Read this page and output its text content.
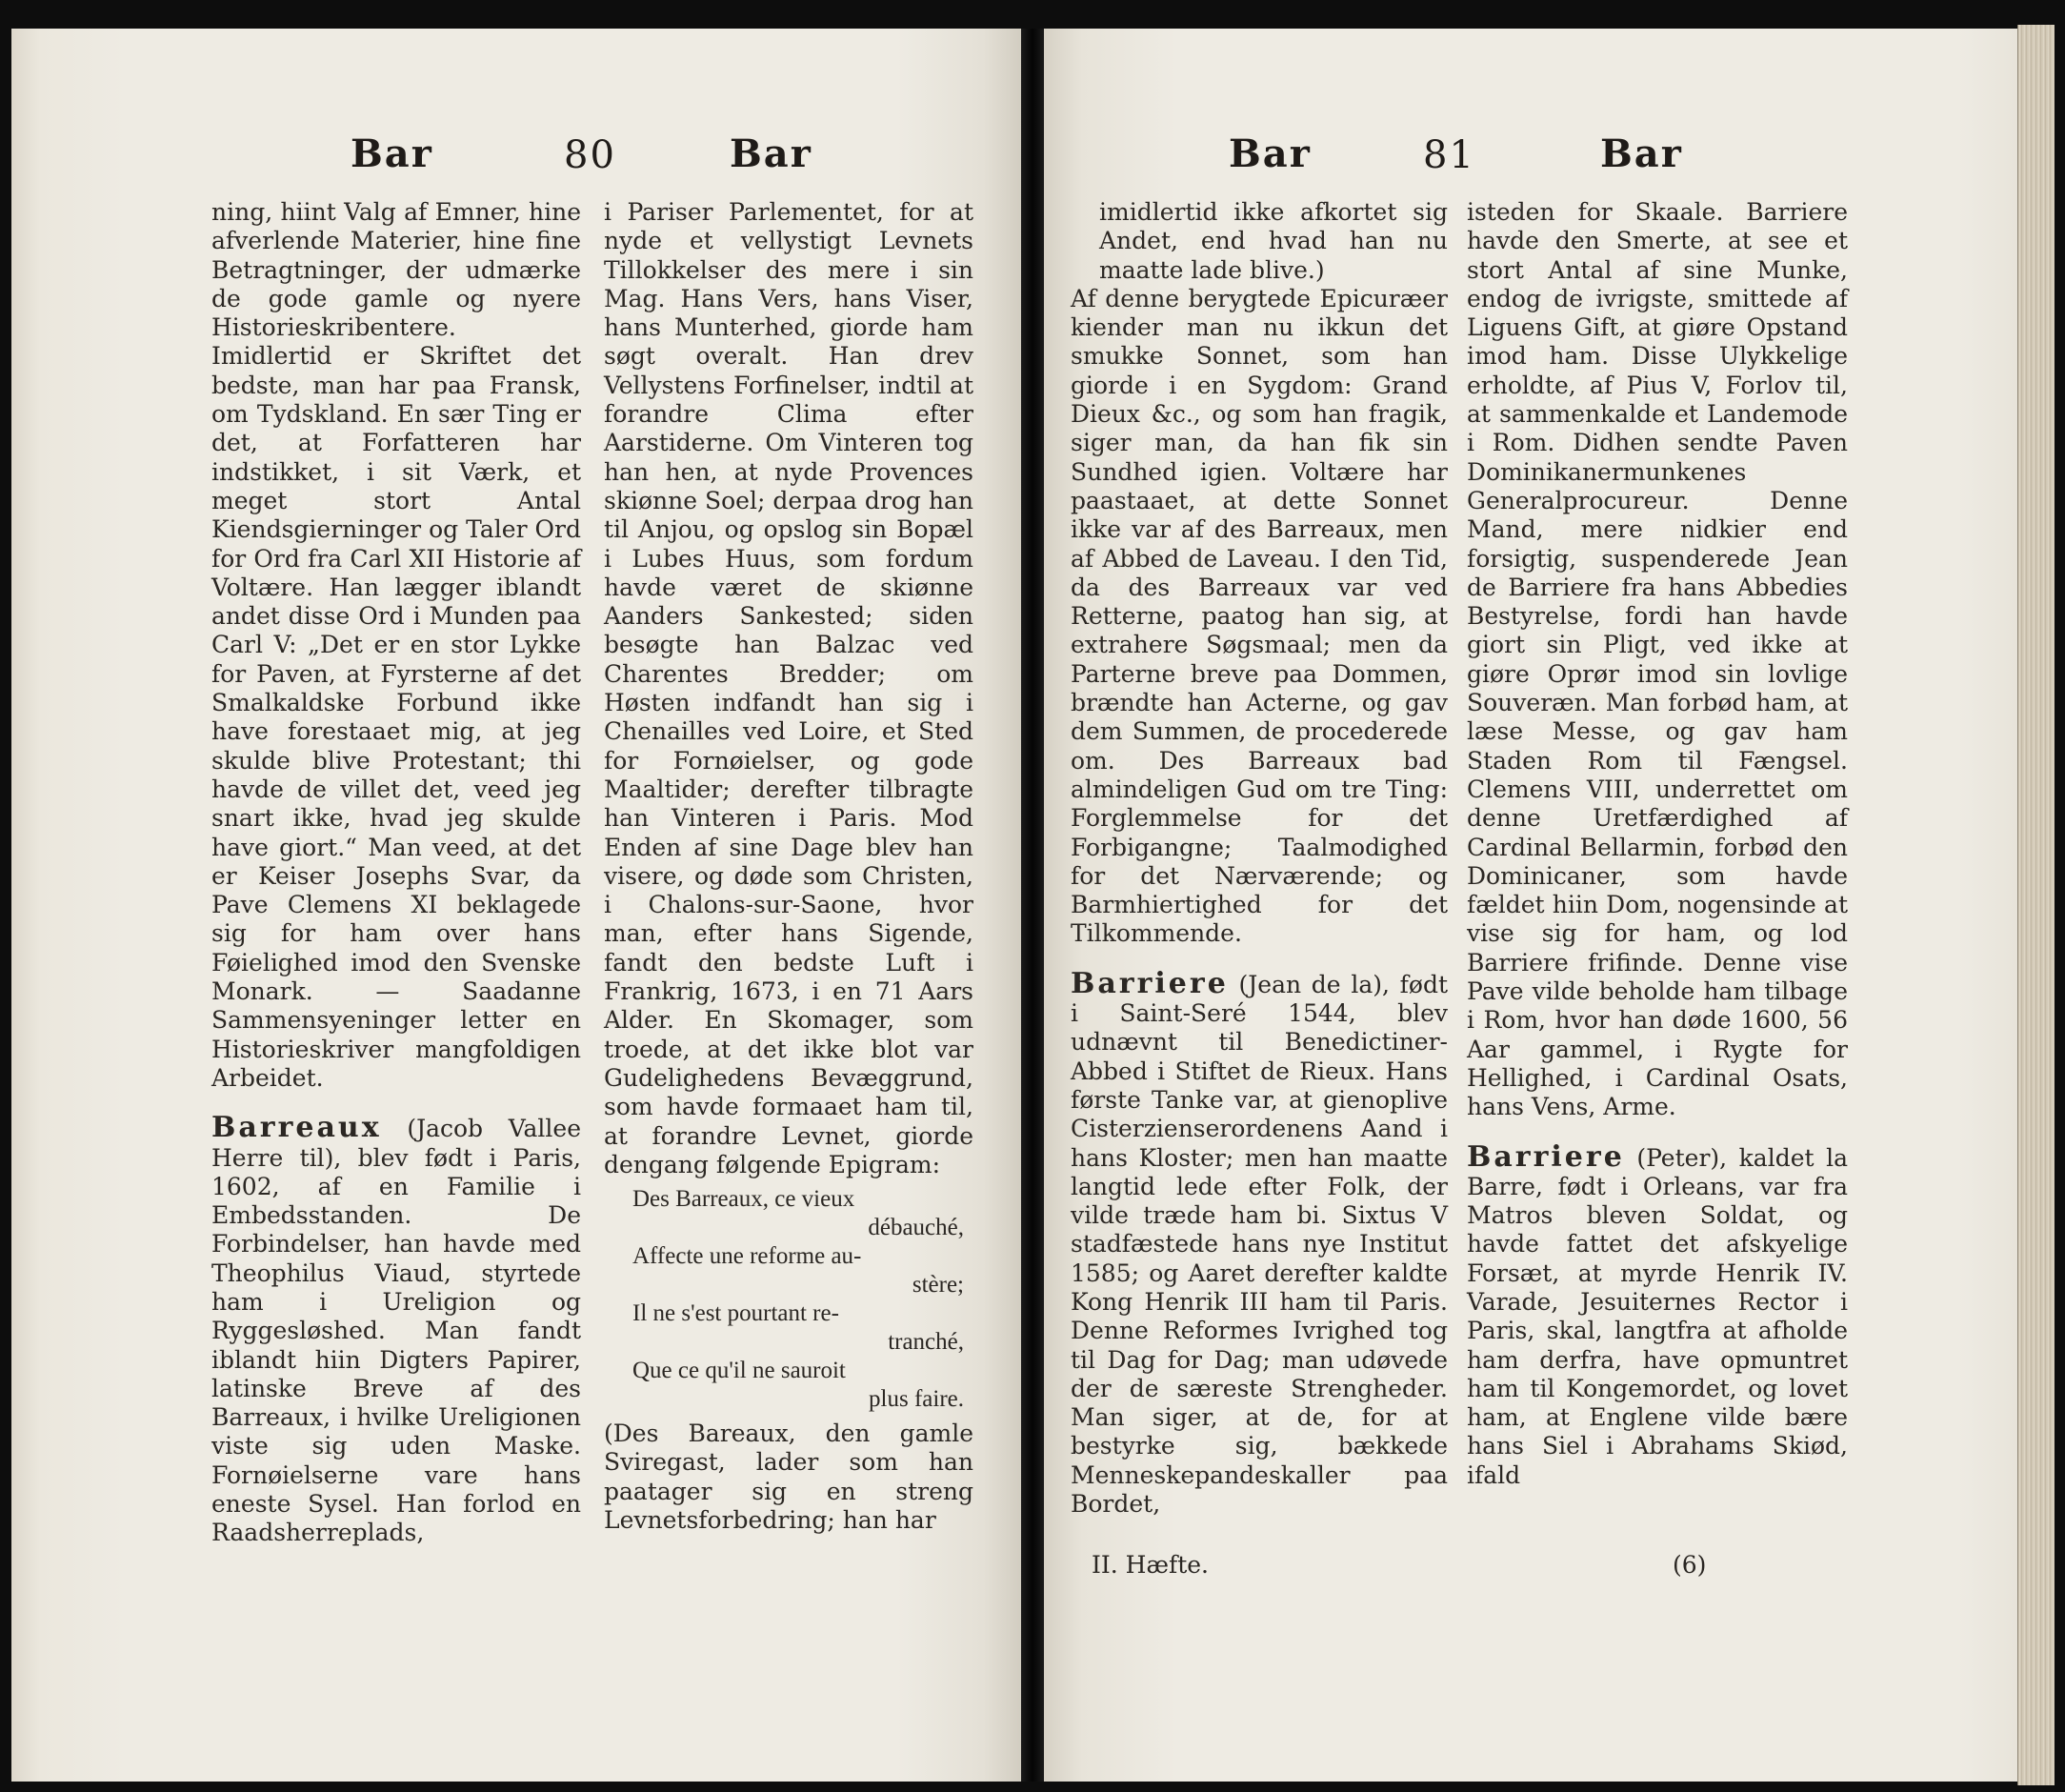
Bar	80	Bar

ning, hiint Valg af Emner, hine afverlende Materier, hine fine Betragtninger, der udmærke de gode gamle og nyere Historieskribentere. Imidlertid er Skriftet det bedste, man har paa Fransk, om Tydskland. En sær Ting er det, at Forfatteren har indstikket, i sit Værk, et meget stort Antal Kiendsgierninger og Taler Ord for Ord fra Carl XII Historie af Voltære. Han lægger iblandt andet disse Ord i Munden paa Carl V: „Det er en stor Lykke for Paven, at Fyrsterne af det Smalkaldske Forbund ikke have forestaaet mig, at jeg skulde blive Protestant; thi havde de villet det, veed jeg snart ikke, hvad jeg skulde have giort.“ Man veed, at det er Keiser Josephs Svar, da Pave Clemens XI beklagede sig for ham over hans Føielighed imod den Svenske Monark. — Saadanne Sammensyeninger letter en Historieskriver mangfoldigen Arbeidet.

Barreaux (Jacob Vallee Herre til), blev født i Paris, 1602, af en Familie i Embedsstanden. De Forbindelser, han havde med Theophilus Viaud, styrtede ham i Ureligion og Ryggesløshed. Man fandt iblandt hiin Digters Papirer, latinske Breve af des Barreaux, i hvilke Ureligionen viste sig uden Maske. Fornøielserne vare hans eneste Sysel. Han forlod en Raadsherreplads,

i Pariser Parlementet, for at nyde et vellystigt Levnets Tillokkelser des mere i sin Mag. Hans Vers, hans Viser, hans Munterhed, giorde ham søgt overalt. Han drev Vellystens Forfinelser, indtil at forandre Clima efter Aarstiderne. Om Vinteren tog han hen, at nyde Provences skiønne Soel; derpaa drog han til Anjou, og opslog sin Bopæl i Lubes Huus, som fordum havde været de skiønne Aanders Sankested; siden besøgte han Balzac ved Charentes Bredder; om Høsten indfandt han sig i Chenailles ved Loire, et Sted for Fornøielser, og gode Maaltider; derefter tilbragte han Vinteren i Paris. Mod Enden af sine Dage blev han visere, og døde som Christen, i Chalons-sur-Saone, hvor man, efter hans Sigende, fandt den bedste Luft i Frankrig, 1673, i en 71 Aars Alder. En Skomager, som troede, at det ikke blot var Gudelighedens Bevæggrund, som havde formaaet ham til, at forandre Levnet, giorde dengang følgende Epigram:

Des Barreaux, ce vieux
débauché,
Affecte une reforme au-
stère;
Il ne s'est pourtant re-
tranché,
Que ce qu'il ne sauroit
plus faire.

(Des Bareaux, den gamle Sviregast, lader som han paatager sig en streng Levnetsforbedring; han har

Bar	81	Bar

imidlertid ikke afkortet sig Andet, end hvad han nu maatte lade blive.)

Af denne berygtede Epicuræer kiender man nu ikkun det smukke Sonnet, som han giorde i en Sygdom: Grand Dieux &c., og som han fragik, siger man, da han fik sin Sundhed igien. Voltære har paastaaet, at dette Sonnet ikke var af des Barreaux, men af Abbed de Laveau. I den Tid, da des Barreaux var ved Retterne, paatog han sig, at extrahere Søgsmaal; men da Parterne breve paa Dommen, brændte han Acterne, og gav dem Summen, de procederede om. Des Barreaux bad almindeligen Gud om tre Ting: Forglemmelse for det Forbigangne; Taalmodighed for det Nærværende; og Barmhiertighed for det Tilkommende.

Barriere (Jean de la), født i Saint-Seré 1544, blev udnævnt til Benedictiner-Abbed i Stiftet de Rieux. Hans første Tanke var, at gienoplive Cisterzienserordenens Aand i hans Kloster; men han maatte langtid lede efter Folk, der vilde træde ham bi. Sixtus V stadfæstede hans nye Institut 1585; og Aaret derefter kaldte Kong Henrik III ham til Paris. Denne Reformes Ivrighed tog til Dag for Dag; man udøvede der de særeste Strengheder. Man siger, at de, for at bestyrke sig, bækkede Menneskepandeskaller paa Bordet,

II. Hæfte.

isteden for Skaale. Barriere havde den Smerte, at see et stort Antal af sine Munke, endog de ivrigste, smittede af Liguens Gift, at giøre Opstand imod ham. Disse Ulykkelige erholdte, af Pius V, Forlov til, at sammenkalde et Landemode i Rom. Didhen sendte Paven Dominikanermunkenes Generalprocureur. Denne Mand, mere nidkier end forsigtig, suspenderede Jean de Barriere fra hans Abbedies Bestyrelse, fordi han havde giort sin Pligt, ved ikke at giøre Oprør imod sin lovlige Souveræn. Man forbød ham, at læse Messe, og gav ham Staden Rom til Fængsel. Clemens VIII, underrettet om denne Uretfærdighed af Cardinal Bellarmin, forbød den Dominicaner, som havde fældet hiin Dom, nogensinde at vise sig for ham, og lod Barriere frifinde. Denne vise Pave vilde beholde ham tilbage i Rom, hvor han døde 1600, 56 Aar gammel, i Rygte for Hellighed, i Cardinal Osats, hans Vens, Arme.

Barriere (Peter), kaldet la Barre, født i Orleans, var fra Matros bleven Soldat, og havde fattet det afskyelige Forsæt, at myrde Henrik IV. Varade, Jesuiternes Rector i Paris, skal, langtfra at afholde ham derfra, have opmuntret ham til Kongemordet, og lovet ham, at Englene vilde bære hans Siel i Abrahams Skiød, ifald

(6)
